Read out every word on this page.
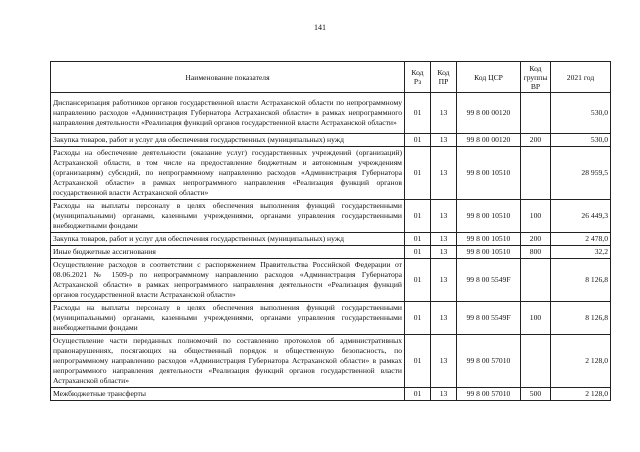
141
Наименование показателя	Код Рз	Код ПР	Код ЦСР	Код группы ВР	2021 год
Диспансеризация работников органов государственной власти Астраханской области по непрограммному направлению расходов «Администрация Губернатора Астраханской области» в рамках непрограммного направления деятельности «Реализация функций органов государственной власти Астраханской области»	01	13	99 8 00 00120		530,0
Закупка товаров, работ и услуг для обеспечения государственных (муниципальных) нужд	01	13	99 8 00 00120	200	530,0
Расходы на обеспечение деятельности (оказание услуг) государственных учреждений (организаций) Астраханской области, в том числе на предоставление бюджетным и автономным учреждениям (организациям) субсидий, по непрограммному направлению расходов «Администрация Губернатора Астраханской области» в рамках непрограммного направления «Реализация функций органов государственной власти Астраханской области»	01	13	99 8 00 10510		28 959,5
Расходы на выплаты персоналу в целях обеспечения выполнения функций государственными (муниципальными) органами, казенными учреждениями, органами управления государственными внебюджетными фондами	01	13	99 8 00 10510	100	26 449,3
Закупка товаров, работ и услуг для обеспечения государственных (муниципальных) нужд	01	13	99 8 00 10510	200	2 478,0
Иные бюджетные ассигнования	01	13	99 8 00 10510	800	32,2
Осуществление расходов в соответствии с распоряжением Правительства Российской Федерации от 08.06.2021 № 1509-р по непрограммному направлению расходов «Администрация Губернатора Астраханской области» в рамках непрограммного направления деятельности «Реализация функций органов государственной власти Астраханской области»	01	13	99 8 00 5549F		8 126,8
Расходы на выплаты персоналу в целях обеспечения выполнения функций государственными (муниципальными) органами, казенными учреждениями, органами управления государственными внебюджетными фондами	01	13	99 8 00 5549F	100	8 126,8
Осуществление части переданных полномочий по составлению протоколов об административных правонарушениях, посягающих на общественный порядок и общественную безопасность, по непрограммному направлению расходов «Администрация Губернатора Астраханской области» в рамках непрограммного направления деятельности «Реализация функций органов государственной власти Астраханской области»	01	13	99 8 00 57010		2 128,0
Межбюджетные трансферты	01	13	99 8 00 57010	500	2 128,0
